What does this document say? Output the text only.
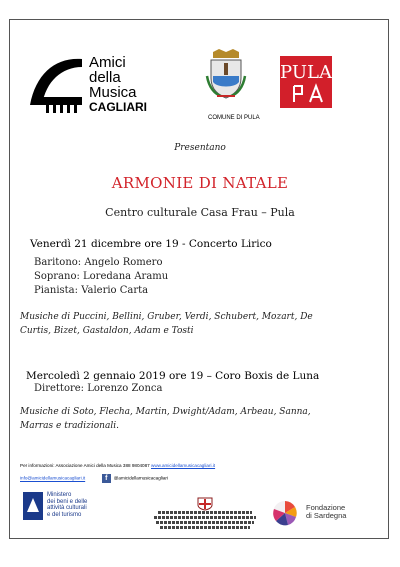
Amici
della
Musica
CAGLIARI
PULA
COMUNE DI PULA
Presentano
ARMONIE DI NATALE
Centro culturale Casa Frau – Pula
Venerdì 21 dicembre ore 19 - Concerto Lirico
Baritono: Angelo Romero
Soprano: Loredana Aramu
Pianista: Valerio Carta
Musiche di Puccini, Bellini, Gruber, Verdi, Schubert, Mozart, De
Curtis, Bizet, Gastaldon, Adam e Tosti
Mercoledì 2 gennaio 2019 ore 19 – Coro Boxis de Luna
Direttore: Lorenzo Zonca
Musiche di Soto, Flecha, Martin, Dwight/Adam, Arbeau, Sanna,
Marras e tradizionali.
Per informazioni: Associazione Amici della Musica 388 9804087 www.amicidellamusicacagliari.it
info@amicidellamusicacagliari.it	f @amicidellamusicacagliari
Ministero
dei beni e delle
attività culturali
e del turismo
Fondazione
di Sardegna
